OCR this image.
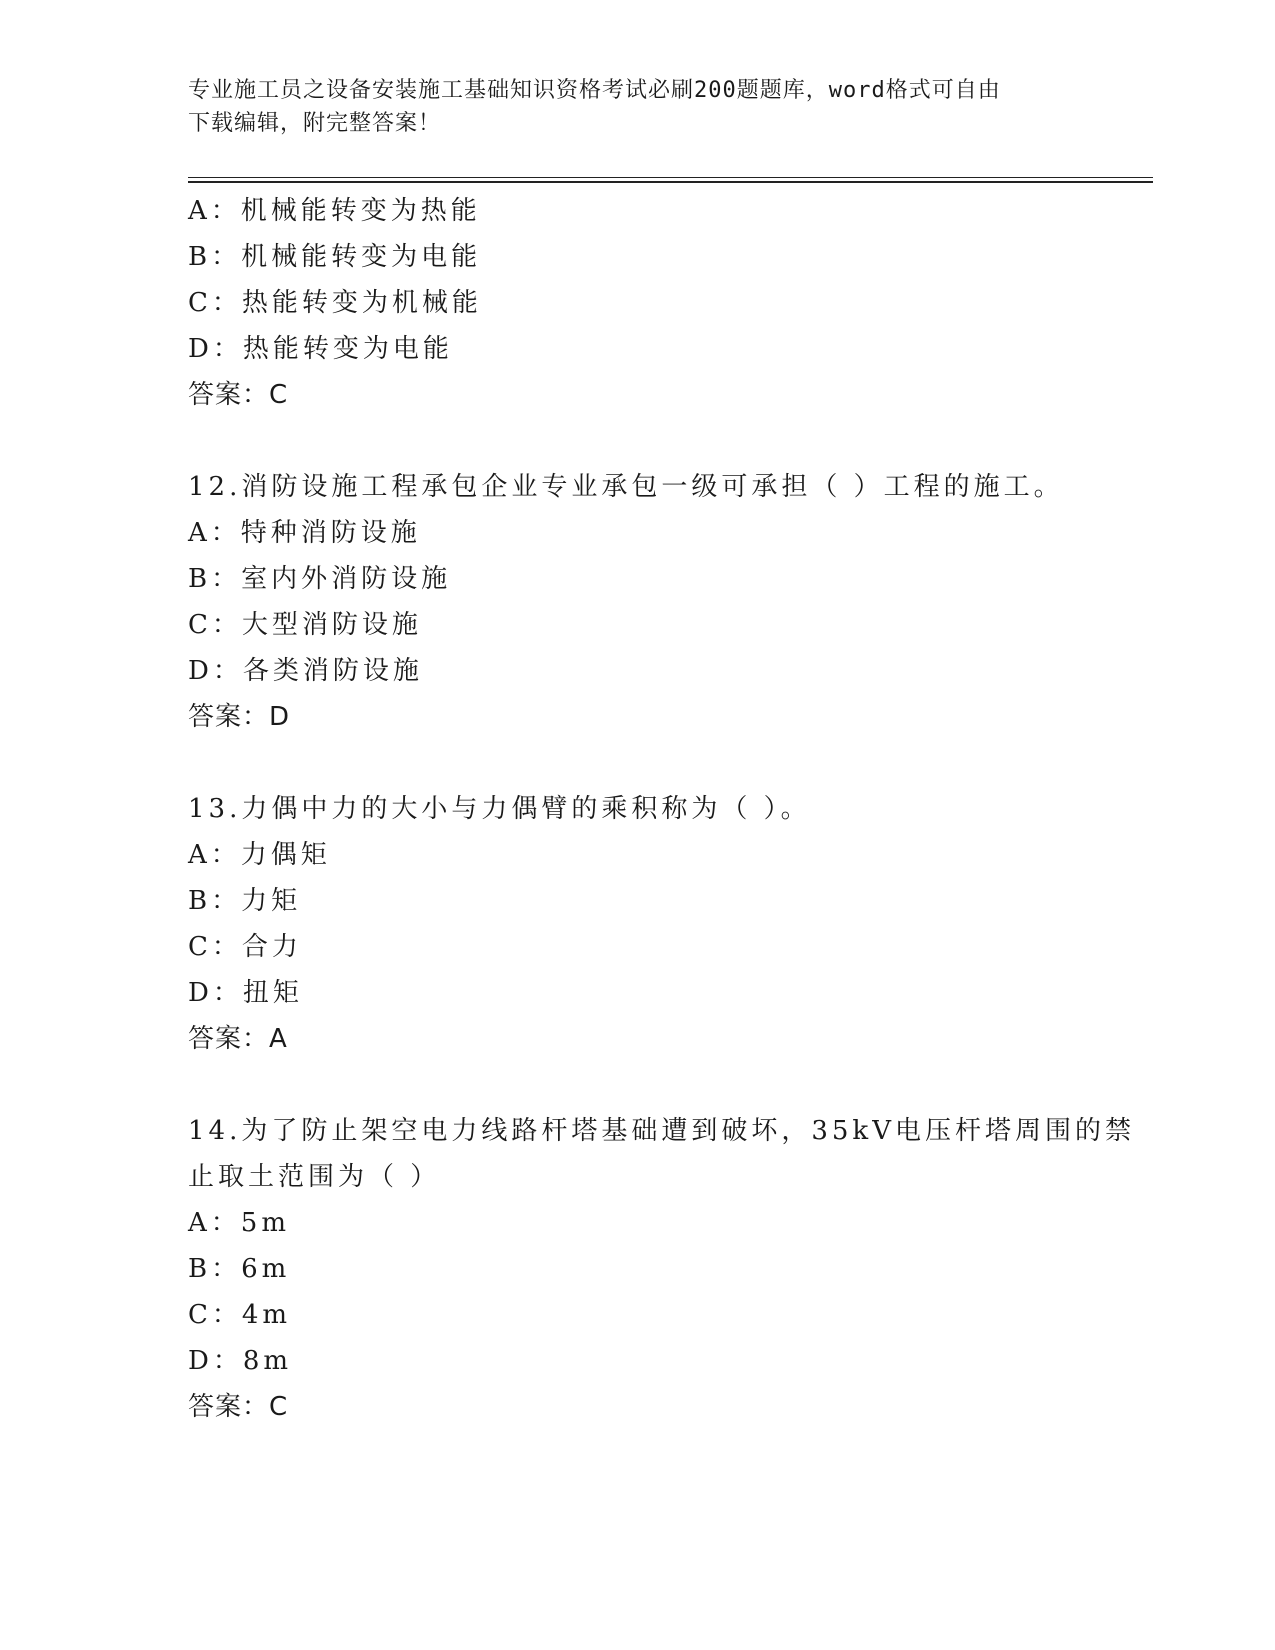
专业施工员之设备安装施工基础知识资格考试必刷200题题库，word格式可自由
下载编辑，附完整答案！
A：机械能转变为热能
B：机械能转变为电能
C：热能转变为机械能
D：热能转变为电能
答案：C
12.消防设施工程承包企业专业承包一级可承担（ ）工程的施工。
A：特种消防设施
B：室内外消防设施
C：大型消防设施
D：各类消防设施
答案：D
13.力偶中力的大小与力偶臂的乘积称为（ ）。
A：力偶矩
B：力矩
C：合力
D：扭矩
答案：A
14.为了防止架空电力线路杆塔基础遭到破坏，35kV电压杆塔周围的禁
止取土范围为（ ）
A：5m
B：6m
C：4m
D：8m
答案：C
